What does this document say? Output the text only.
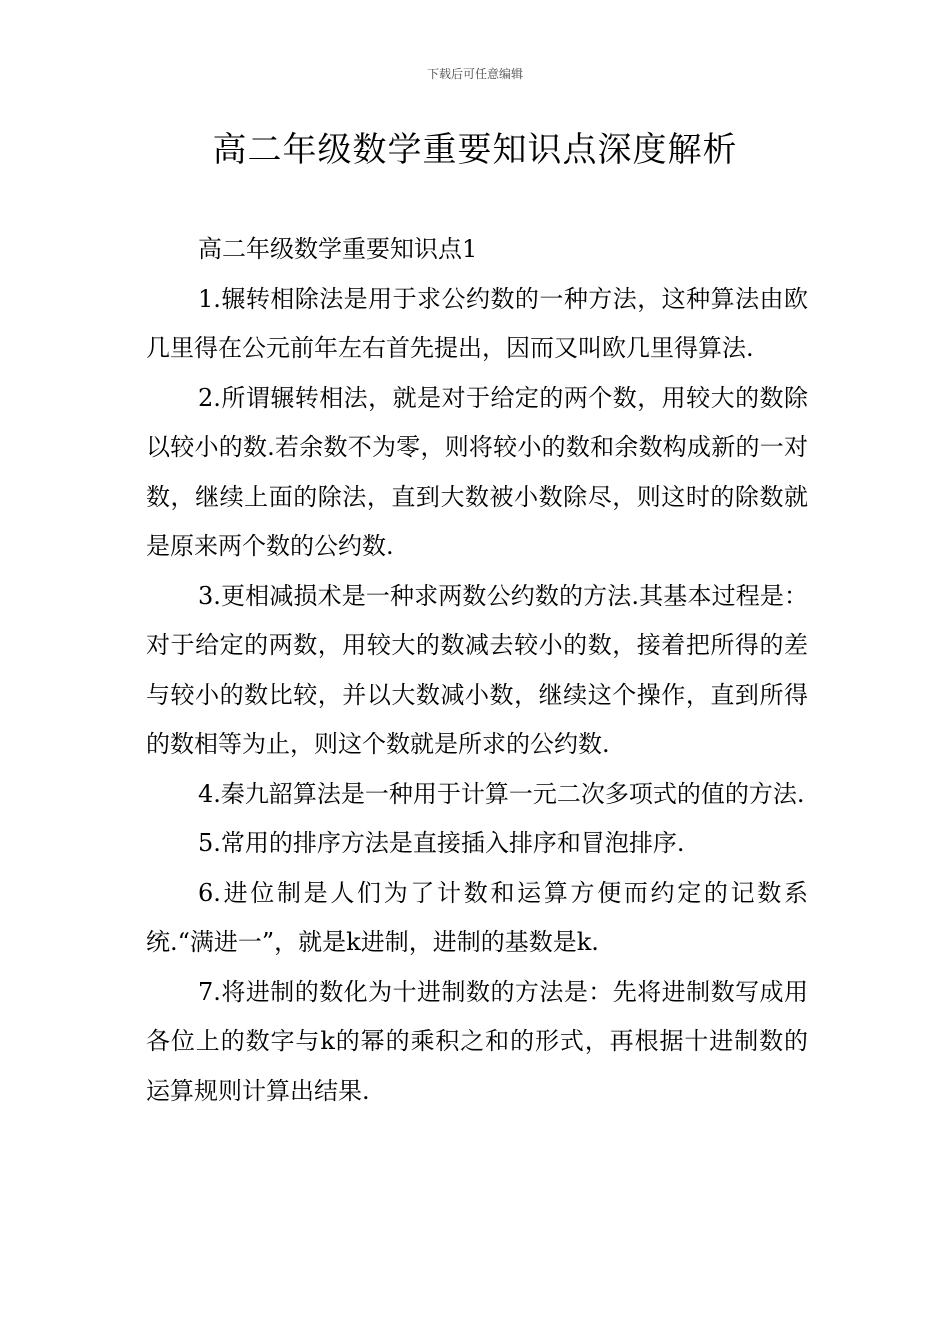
下载后可任意编辑
高二年级数学重要知识点深度解析

高二年级数学重要知识点1

1.辗转相除法是用于求公约数的一种方法，这种算法由欧几里得在公元前年左右首先提出，因而又叫欧几里得算法.

2.所谓辗转相法，就是对于给定的两个数，用较大的数除以较小的数.若余数不为零，则将较小的数和余数构成新的一对数，继续上面的除法，直到大数被小数除尽，则这时的除数就是原来两个数的公约数.

3.更相减损术是一种求两数公约数的方法.其基本过程是：对于给定的两数，用较大的数减去较小的数，接着把所得的差与较小的数比较，并以大数减小数，继续这个操作，直到所得的数相等为止，则这个数就是所求的公约数.

4.秦九韶算法是一种用于计算一元二次多项式的值的方法.

5.常用的排序方法是直接插入排序和冒泡排序.

6.进位制是人们为了计数和运算方便而约定的记数系统.“满进一”，就是k进制，进制的基数是k.

7.将进制的数化为十进制数的方法是：先将进制数写成用各位上的数字与k的幂的乘积之和的形式，再根据十进制数的运算规则计算出结果.
